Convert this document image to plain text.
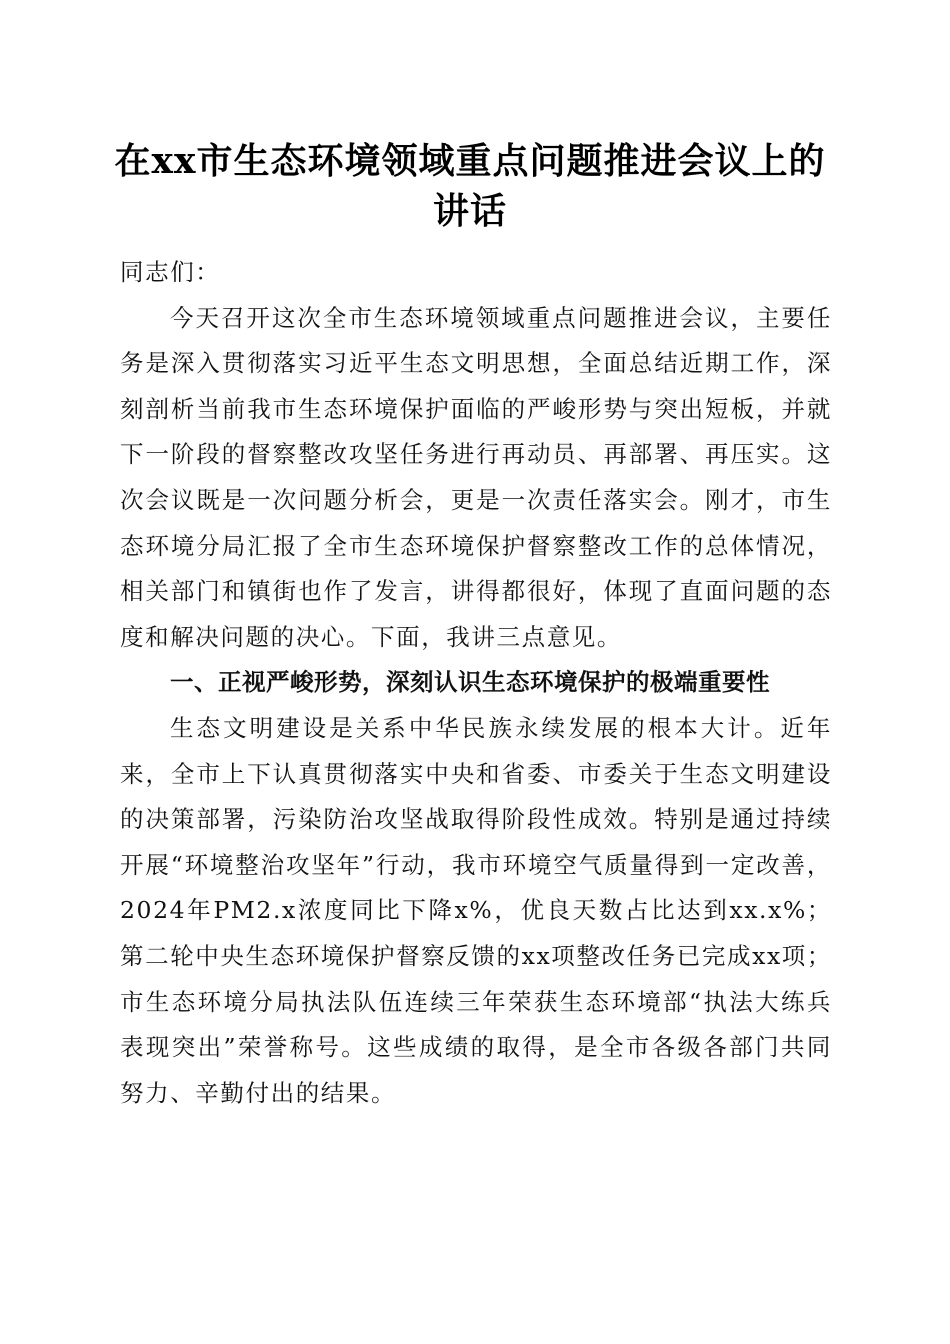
在xx市生态环境领域重点问题推进会议上的讲话

同志们：

今天召开这次全市生态环境领域重点问题推进会议，主要任务是深入贯彻落实习近平生态文明思想，全面总结近期工作，深刻剖析当前我市生态环境保护面临的严峻形势与突出短板，并就下一阶段的督察整改攻坚任务进行再动员、再部署、再压实。这次会议既是一次问题分析会，更是一次责任落实会。刚才，市生态环境分局汇报了全市生态环境保护督察整改工作的总体情况，相关部门和镇街也作了发言，讲得都很好，体现了直面问题的态度和解决问题的决心。下面，我讲三点意见。

一、正视严峻形势，深刻认识生态环境保护的极端重要性

生态文明建设是关系中华民族永续发展的根本大计。近年来，全市上下认真贯彻落实中央和省委、市委关于生态文明建设的决策部署，污染防治攻坚战取得阶段性成效。特别是通过持续开展“环境整治攻坚年”行动，我市环境空气质量得到一定改善，2024年PM2.x浓度同比下降x%，优良天数占比达到xx.x%；第二轮中央生态环境保护督察反馈的xx项整改任务已完成xx项；市生态环境分局执法队伍连续三年荣获生态环境部“执法大练兵表现突出”荣誉称号。这些成绩的取得，是全市各级各部门共同努力、辛勤付出的结果。
